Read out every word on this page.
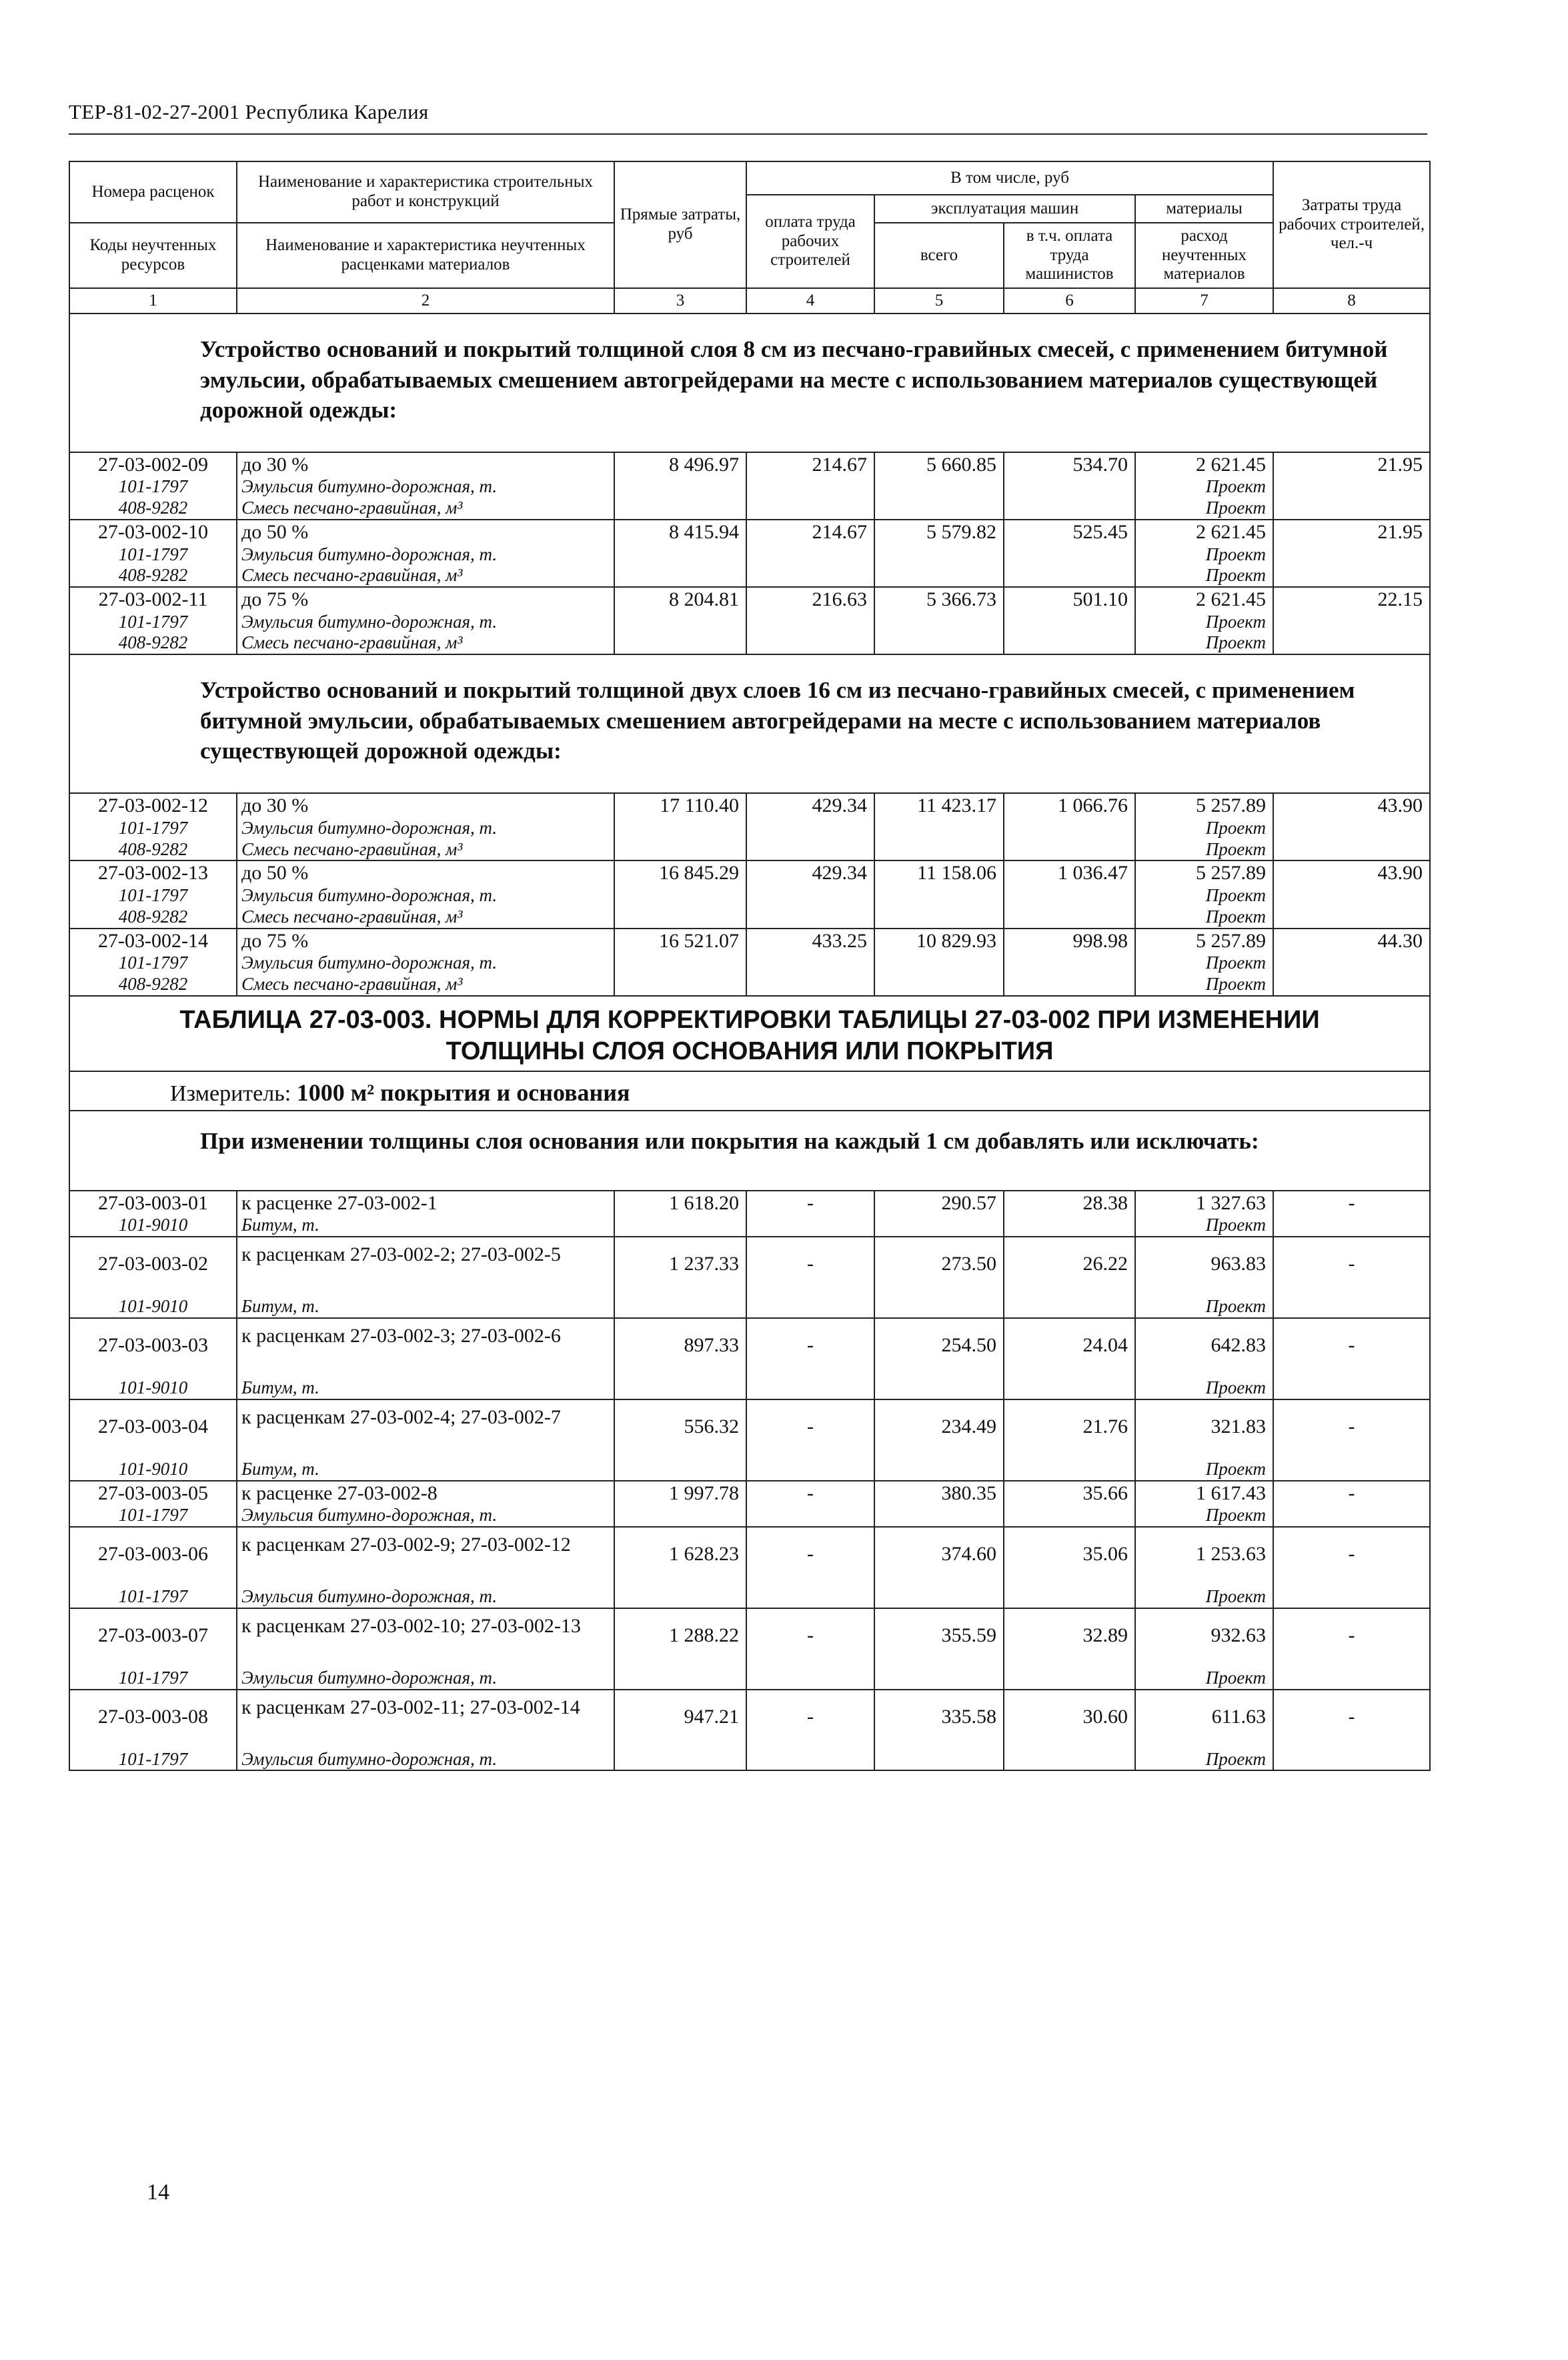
ТЕР-81-02-27-2001 Республика Карелия
Номера расценок	Наименование и характеристика строительных работ и конструкций	Прямые затраты, руб	В том числе, руб				Затраты труда рабочих строителей, чел.-ч
			оплата труда рабочих строителей	эксплуатация машин		материалы	
Коды неучтенных ресурсов	Наименование и характеристика неучтенных расценками материалов			всего	в т.ч. оплата труда машинистов	расход неучтенных материалов	

1	2	3	4	5	6	7	8
Устройство оснований и покрытий толщиной слоя 8 см из песчано-гравийных смесей, с применением битумной эмульсии, обрабатываемых смешением автогрейдерами на месте с использованием материалов существующей дорожной одежды:							
27-03-002-09	до 30 %	8 496.97	214.67	5 660.85	534.70	2 621.45	21.95
101-1797	Эмульсия битумно-дорожная, т.					Проект	
408-9282	Смесь песчано-гравийная, м³					Проект	
27-03-002-10	до 50 %	8 415.94	214.67	5 579.82	525.45	2 621.45	21.95
101-1797	Эмульсия битумно-дорожная, т.					Проект	
408-9282	Смесь песчано-гравийная, м³					Проект	
27-03-002-11	до 75 %	8 204.81	216.63	5 366.73	501.10	2 621.45	22.15
101-1797	Эмульсия битумно-дорожная, т.					Проект	
408-9282	Смесь песчано-гравийная, м³					Проект	
Устройство оснований и покрытий толщиной двух слоев 16 см из песчано-гравийных смесей, с применением битумной эмульсии, обрабатываемых смешением автогрейдерами на месте с использованием материалов существующей дорожной одежды:							
27-03-002-12	до 30 %	17 110.40	429.34	11 423.17	1 066.76	5 257.89	43.90
101-1797	Эмульсия битумно-дорожная, т.					Проект	
408-9282	Смесь песчано-гравийная, м³					Проект	
27-03-002-13	до 50 %	16 845.29	429.34	11 158.06	1 036.47	5 257.89	43.90
101-1797	Эмульсия битумно-дорожная, т.					Проект	
408-9282	Смесь песчано-гравийная, м³					Проект	
27-03-002-14	до 75 %	16 521.07	433.25	10 829.93	998.98	5 257.89	44.30
101-1797	Эмульсия битумно-дорожная, т.					Проект	
408-9282	Смесь песчано-гравийная, м³					Проект	

ТАБЛИЦА 27-03-003. НОРМЫ ДЛЯ КОРРЕКТИРОВКИ ТАБЛИЦЫ 27-03-002 ПРИ ИЗМЕНЕНИИ
ТОЛЩИНЫ СЛОЯ ОСНОВАНИЯ ИЛИ ПОКРЫТИЯ							

Измеритель: 1000 м² покрытия и основания							
При изменении толщины слоя основания или покрытия на каждый 1 см добавлять или исключать:							
27-03-003-01	к расценке 27-03-002-1	1 618.20	-	290.57	28.38	1 327.63	-
101-9010	Битум, т.					Проект	
27-03-003-02	к расценкам 27-03-002-2; 27-03-002-5	1 237.33	-	273.50	26.22	963.83	-
101-9010	Битум, т.					Проект	
27-03-003-03	к расценкам 27-03-002-3; 27-03-002-6	897.33	-	254.50	24.04	642.83	-
101-9010	Битум, т.					Проект	
27-03-003-04	к расценкам 27-03-002-4; 27-03-002-7	556.32	-	234.49	21.76	321.83	-
101-9010	Битум, т.					Проект	
27-03-003-05	к расценке 27-03-002-8	1 997.78	-	380.35	35.66	1 617.43	-
101-1797	Эмульсия битумно-дорожная, т.					Проект	
27-03-003-06	к расценкам 27-03-002-9; 27-03-002-12	1 628.23	-	374.60	35.06	1 253.63	-
101-1797	Эмульсия битумно-дорожная, т.					Проект	
27-03-003-07	к расценкам 27-03-002-10; 27-03-002-13	1 288.22	-	355.59	32.89	932.63	-
101-1797	Эмульсия битумно-дорожная, т.					Проект	
27-03-003-08	к расценкам 27-03-002-11; 27-03-002-14	947.21	-	335.58	30.60	611.63	-
101-1797	Эмульсия битумно-дорожная, т.					Проект	
14
